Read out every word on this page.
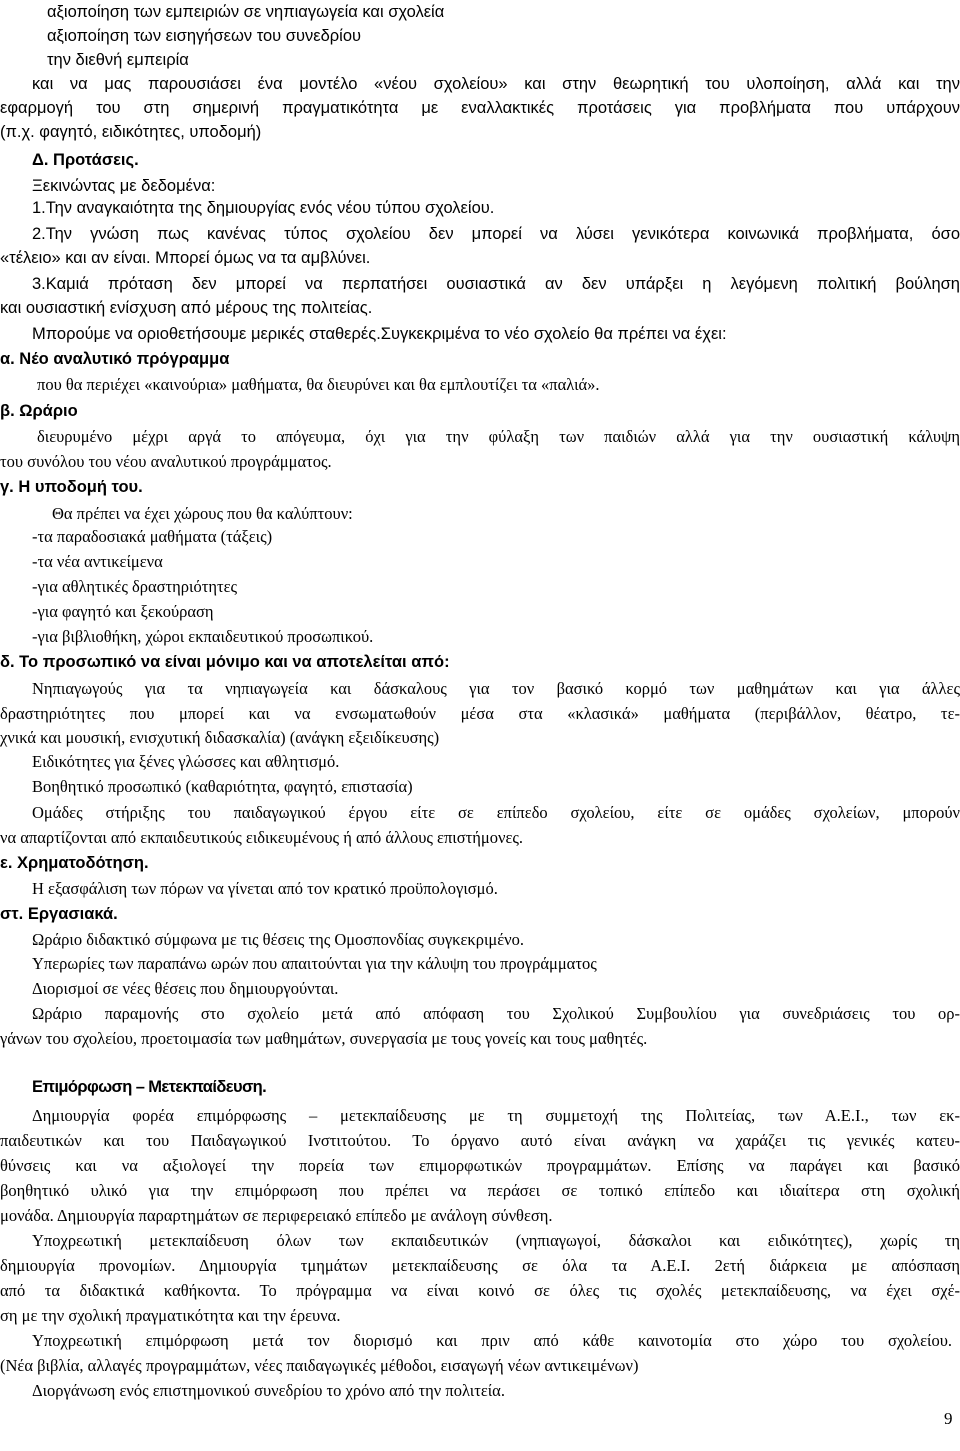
αξιοποίηση των εμπειριών σε νηπιαγωγεία και σχολεία
αξιοποίηση των εισηγήσεων του συνεδρίου
την διεθνή εμπειρία
και να μας παρουσιάσει ένα μοντέλο «νέου σχολείου» και στην θεωρητική του υλοποίηση, αλλά και την
εφαρμογή του στη σημερινή πραγματικότητα με εναλλακτικές προτάσεις για προβλήματα που υπάρχουν
(π.χ. φαγητό, ειδικότητες, υποδομή)
Δ. Προτάσεις.
Ξεκινώντας με δεδομένα:
1.Την αναγκαιότητα της δημιουργίας ενός νέου τύπου σχολείου.
2.Την γνώση πως κανένας τύπος σχολείου δεν μπορεί να λύσει γενικότερα κοινωνικά προβλήματα, όσο
«τέλειο» και αν είναι. Μπορεί όμως να τα αμβλύνει.
3.Καμιά πρόταση δεν μπορεί να περπατήσει ουσιαστικά αν δεν υπάρξει η λεγόμενη πολιτική βούληση
και ουσιαστική ενίσχυση από μέρους της πολιτείας.
Μπορούμε να οριοθετήσουμε μερικές σταθερές.Συγκεκριμένα το νέο σχολείο θα πρέπει να έχει:
α. Νέο αναλυτικό πρόγραμμα
που θα περιέχει «καινούρια» μαθήματα, θα διευρύνει και θα εμπλουτίζει τα «παλιά».
β. Ωράριο
διευρυμένο μέχρι αργά το απόγευμα, όχι για την φύλαξη των παιδιών αλλά για την ουσιαστική κάλυψη
του συνόλου του νέου αναλυτικού προγράμματος.
γ. Η υποδομή του.
Θα πρέπει να έχει χώρους που θα καλύπτουν:
-τα παραδοσιακά μαθήματα (τάξεις)
-τα νέα αντικείμενα
-για αθλητικές δραστηριότητες
-για φαγητό και ξεκούραση
-για βιβλιοθήκη, χώροι εκπαιδευτικού προσωπικού.
δ. Το προσωπικό να είναι μόνιμο και να αποτελείται από:
Νηπιαγωγούς για τα νηπιαγωγεία και δάσκαλους για τον βασικό κορμό των μαθημάτων και για άλλες
δραστηριότητες που μπορεί και να ενσωματωθούν μέσα στα «κλασικά» μαθήματα (περιβάλλον, θέατρο, τε-
χνικά και μουσική, ενισχυτική διδασκαλία) (ανάγκη εξειδίκευσης)
Ειδικότητες για ξένες γλώσσες και αθλητισμό.
Βοηθητικό προσωπικό (καθαριότητα, φαγητό, επιστασία)
Ομάδες στήριξης του παιδαγωγικού έργου είτε σε επίπεδο σχολείου, είτε σε ομάδες σχολείων, μπορούν
να απαρτίζονται από εκπαιδευτικούς ειδικευμένους ή από άλλους επιστήμονες.
ε. Χρηματοδότηση.
Η εξασφάλιση των πόρων να γίνεται από τον κρατικό προϋπολογισμό.
στ. Εργασιακά.
Ωράριο διδακτικό σύμφωνα με τις θέσεις της Ομοσπονδίας συγκεκριμένο.
Υπερωρίες των παραπάνω ωρών που απαιτούνται για την κάλυψη του προγράμματος
Διορισμοί σε νέες θέσεις που δημιουργούνται.
Ωράριο παραμονής στο σχολείο μετά από απόφαση του Σχολικού Συμβουλίου για συνεδριάσεις του ορ-
γάνων του σχολείου, προετοιμασία των μαθημάτων, συνεργασία με τους γονείς και τους μαθητές.
Επιμόρφωση – Μετεκπαίδευση.
Δημιουργία φορέα επιμόρφωσης – μετεκπαίδευσης με τη συμμετοχή της Πολιτείας, των Α.Ε.Ι., των εκ-
παιδευτικών και του Παιδαγωγικού Ινστιτούτου. Το όργανο αυτό είναι ανάγκη να χαράζει τις γενικές κατευ-
θύνσεις και να αξιολογεί την πορεία των επιμορφωτικών προγραμμάτων. Επίσης να παράγει και βασικό
βοηθητικό υλικό για την επιμόρφωση που πρέπει να περάσει σε τοπικό επίπεδο και ιδιαίτερα στη σχολική
μονάδα. Δημιουργία παραρτημάτων σε περιφερειακό επίπεδο με ανάλογη σύνθεση.
Υποχρεωτική μετεκπαίδευση όλων των εκπαιδευτικών (νηπιαγωγοί, δάσκαλοι και ειδικότητες), χωρίς τη
δημιουργία προνομίων. Δημιουργία τμημάτων μετεκπαίδευσης σε όλα τα Α.Ε.Ι. 2ετή διάρκεια με απόσπαση
από τα διδακτικά καθήκοντα. Το πρόγραμμα να είναι κοινό σε όλες τις σχολές μετεκπαίδευσης, να έχει σχέ-
ση με την σχολική πραγματικότητα και την έρευνα.
Υποχρεωτική επιμόρφωση μετά τον διορισμό και πριν από κάθε καινοτομία στο χώρο του σχολείου.
(Νέα βιβλία, αλλαγές προγραμμάτων, νέες παιδαγωγικές μέθοδοι, εισαγωγή νέων αντικειμένων)
Διοργάνωση ενός επιστημονικού συνεδρίου το χρόνο από την πολιτεία.
9
